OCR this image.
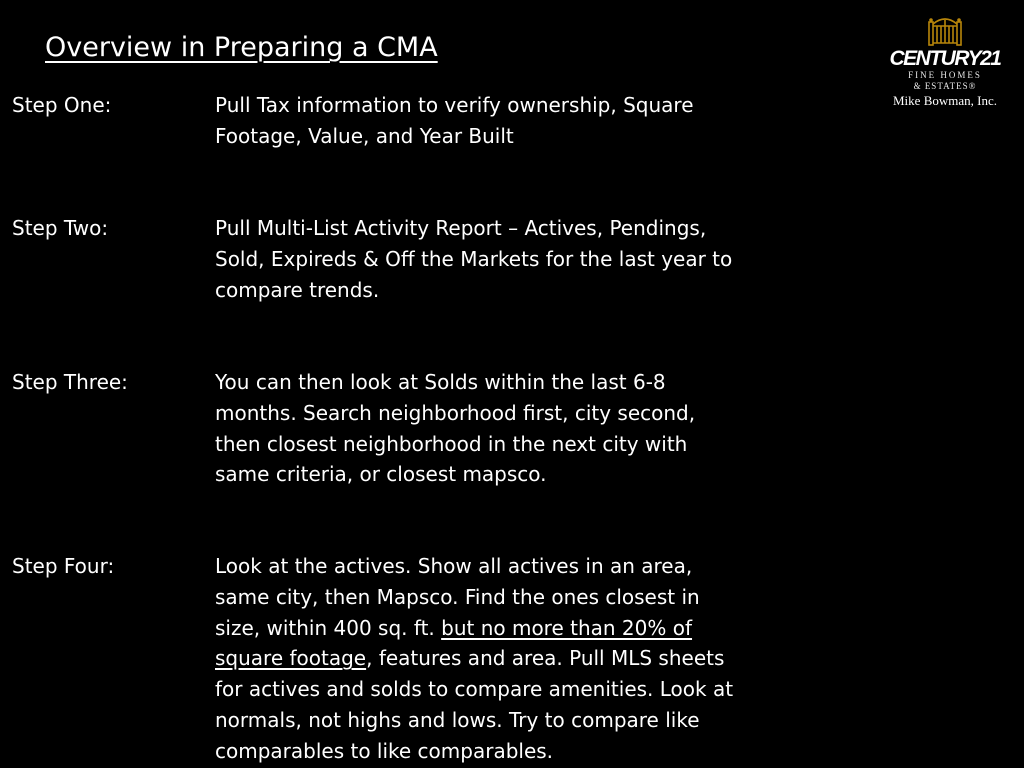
Overview in Preparing a CMA
Step One:	Pull Tax information to verify ownership, Square
Footage, Value, and Year Built
Step Two:	Pull Multi-List Activity Report – Actives, Pendings,
Sold, Expireds & Off the Markets for the last year to
compare trends.
Step Three:	You can then look at Solds within the last 6-8
months. Search neighborhood first, city second,
then closest neighborhood in the next city with
same criteria, or closest mapsco.
Step Four:	Look at the actives. Show all actives in an area,
same city, then Mapsco. Find the ones closest in
size, within 400 sq. ft. but no more than 20% of
square footage, features and area. Pull MLS sheets
for actives and solds to compare amenities. Look at
normals, not highs and lows. Try to compare like
comparables to like comparables.
CENTURY21
FINE HOMES
& ESTATES®
Mike Bowman, Inc.
